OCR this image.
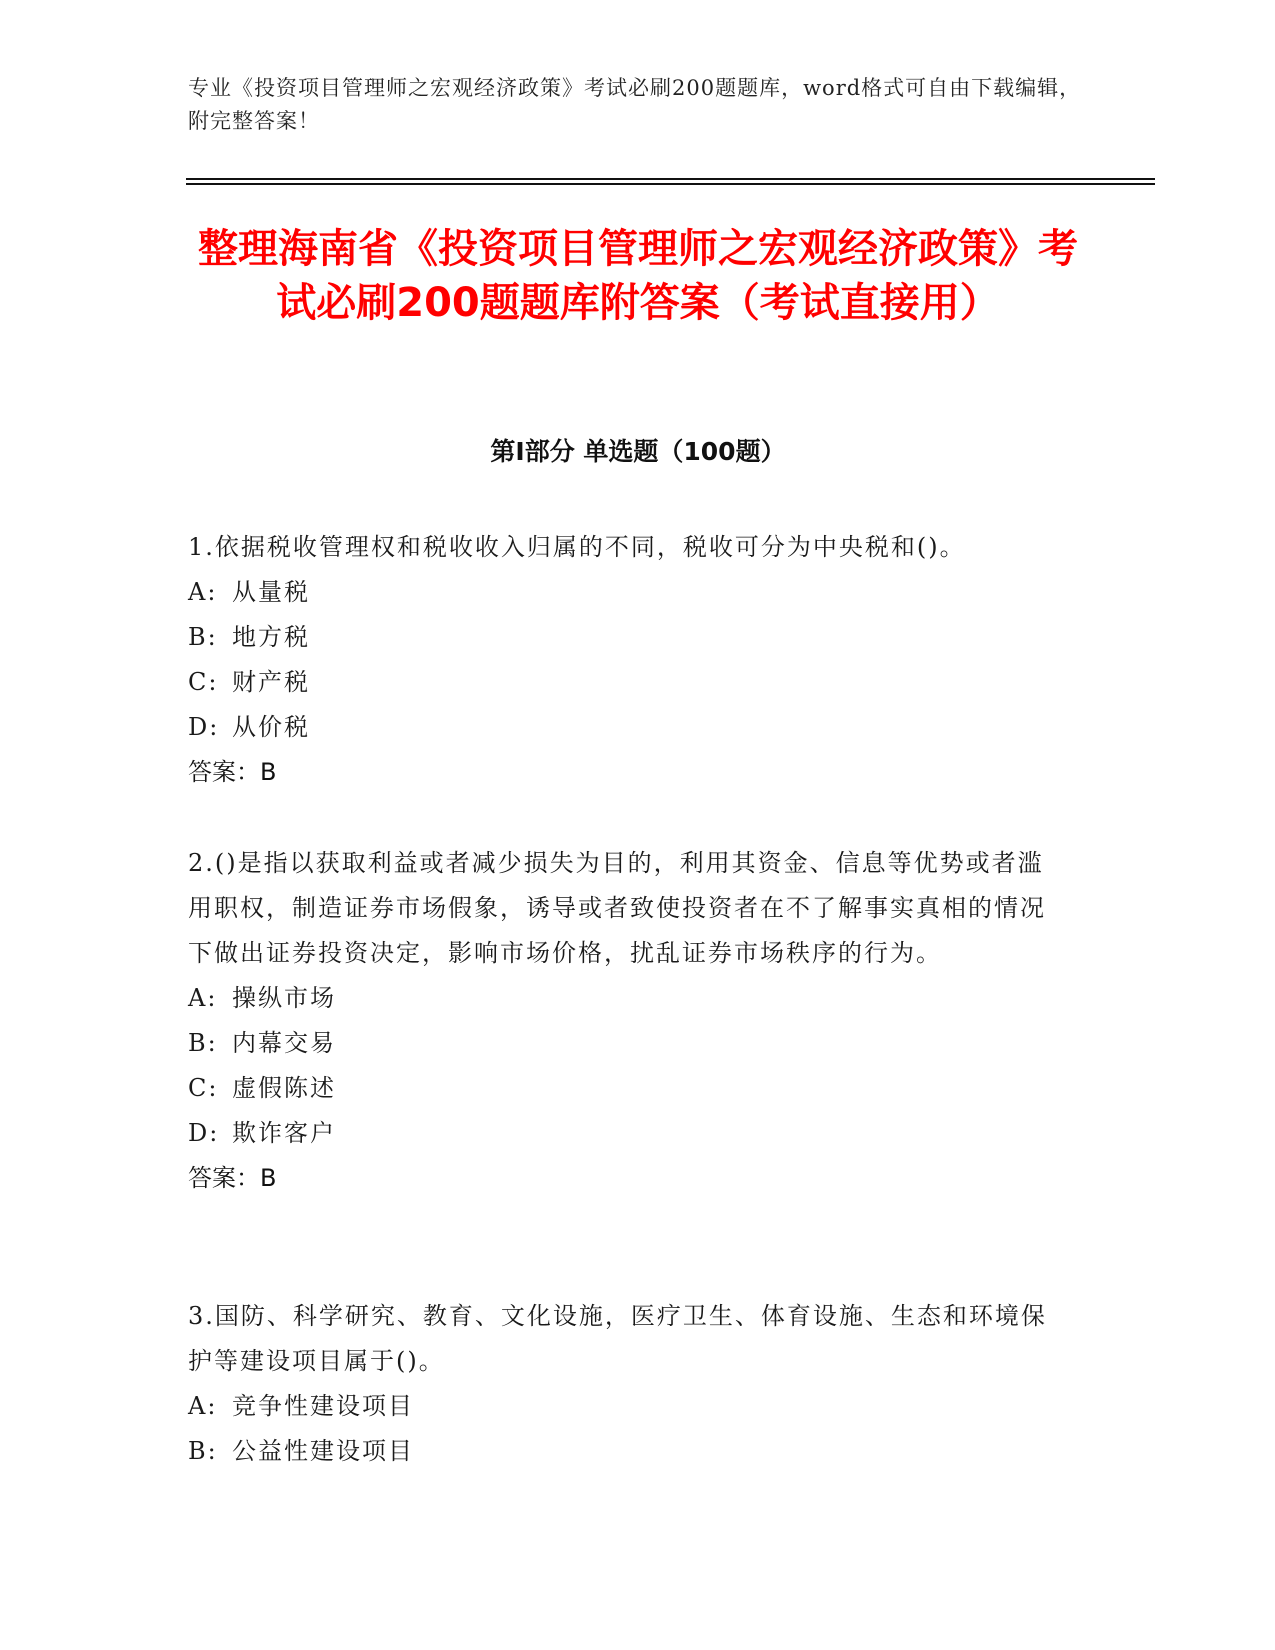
专业《投资项目管理师之宏观经济政策》考试必刷200题题库，word格式可自由下载编辑，附完整答案！
整理海南省《投资项目管理师之宏观经济政策》考试必刷200题题库附答案（考试直接用）
第I部分 单选题（100题）

1.依据税收管理权和税收收入归属的不同，税收可分为中央税和()。

A: 从量税

B: 地方税

C: 财产税

D: 从价税

答案：B

2.()是指以获取利益或者减少损失为目的，利用其资金、信息等优势或者滥用职权，制造证券市场假象，诱导或者致使投资者在不了解事实真相的情况下做出证券投资决定，影响市场价格，扰乱证券市场秩序的行为。

A: 操纵市场

B: 内幕交易

C: 虚假陈述

D: 欺诈客户

答案：B

3.国防、科学研究、教育、文化设施，医疗卫生、体育设施、生态和环境保护等建设项目属于()。

A: 竞争性建设项目

B: 公益性建设项目
